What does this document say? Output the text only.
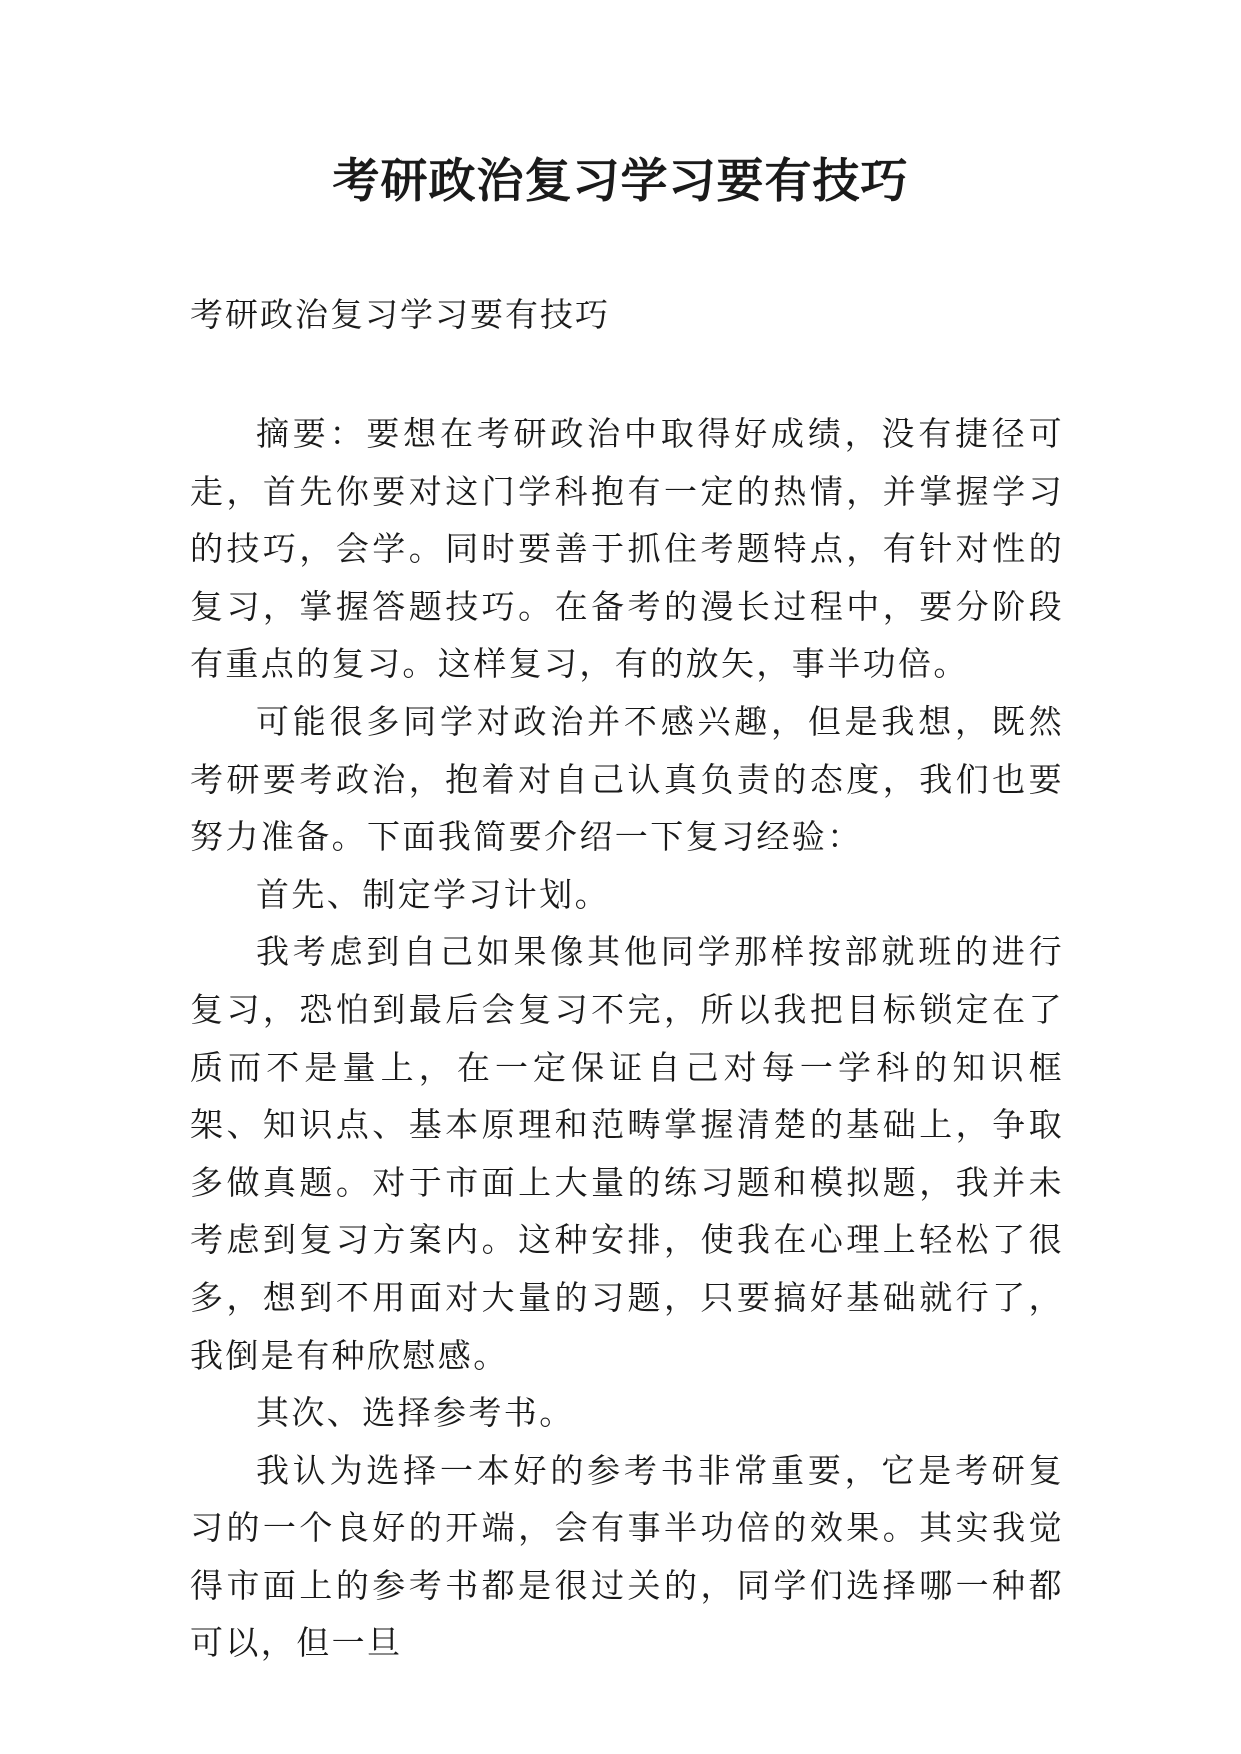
考研政治复习学习要有技巧

考研政治复习学习要有技巧

摘要：要想在考研政治中取得好成绩，没有捷径可走，首先你要对这门学科抱有一定的热情，并掌握学习的技巧，会学。同时要善于抓住考题特点，有针对性的复习，掌握答题技巧。在备考的漫长过程中，要分阶段有重点的复习。这样复习，有的放矢，事半功倍。

可能很多同学对政治并不感兴趣，但是我想，既然考研要考政治，抱着对自己认真负责的态度，我们也要努力准备。下面我简要介绍一下复习经验：

首先、制定学习计划。

我考虑到自己如果像其他同学那样按部就班的进行复习，恐怕到最后会复习不完，所以我把目标锁定在了质而不是量上，在一定保证自己对每一学科的知识框架、知识点、基本原理和范畴掌握清楚的基础上，争取多做真题。对于市面上大量的练习题和模拟题，我并未考虑到复习方案内。这种安排，使我在心理上轻松了很多，想到不用面对大量的习题，只要搞好基础就行了，我倒是有种欣慰感。

其次、选择参考书。

我认为选择一本好的参考书非常重要，它是考研复习的一个良好的开端，会有事半功倍的效果。其实我觉得市面上的参考书都是很过关的，同学们选择哪一种都可以，但一旦
